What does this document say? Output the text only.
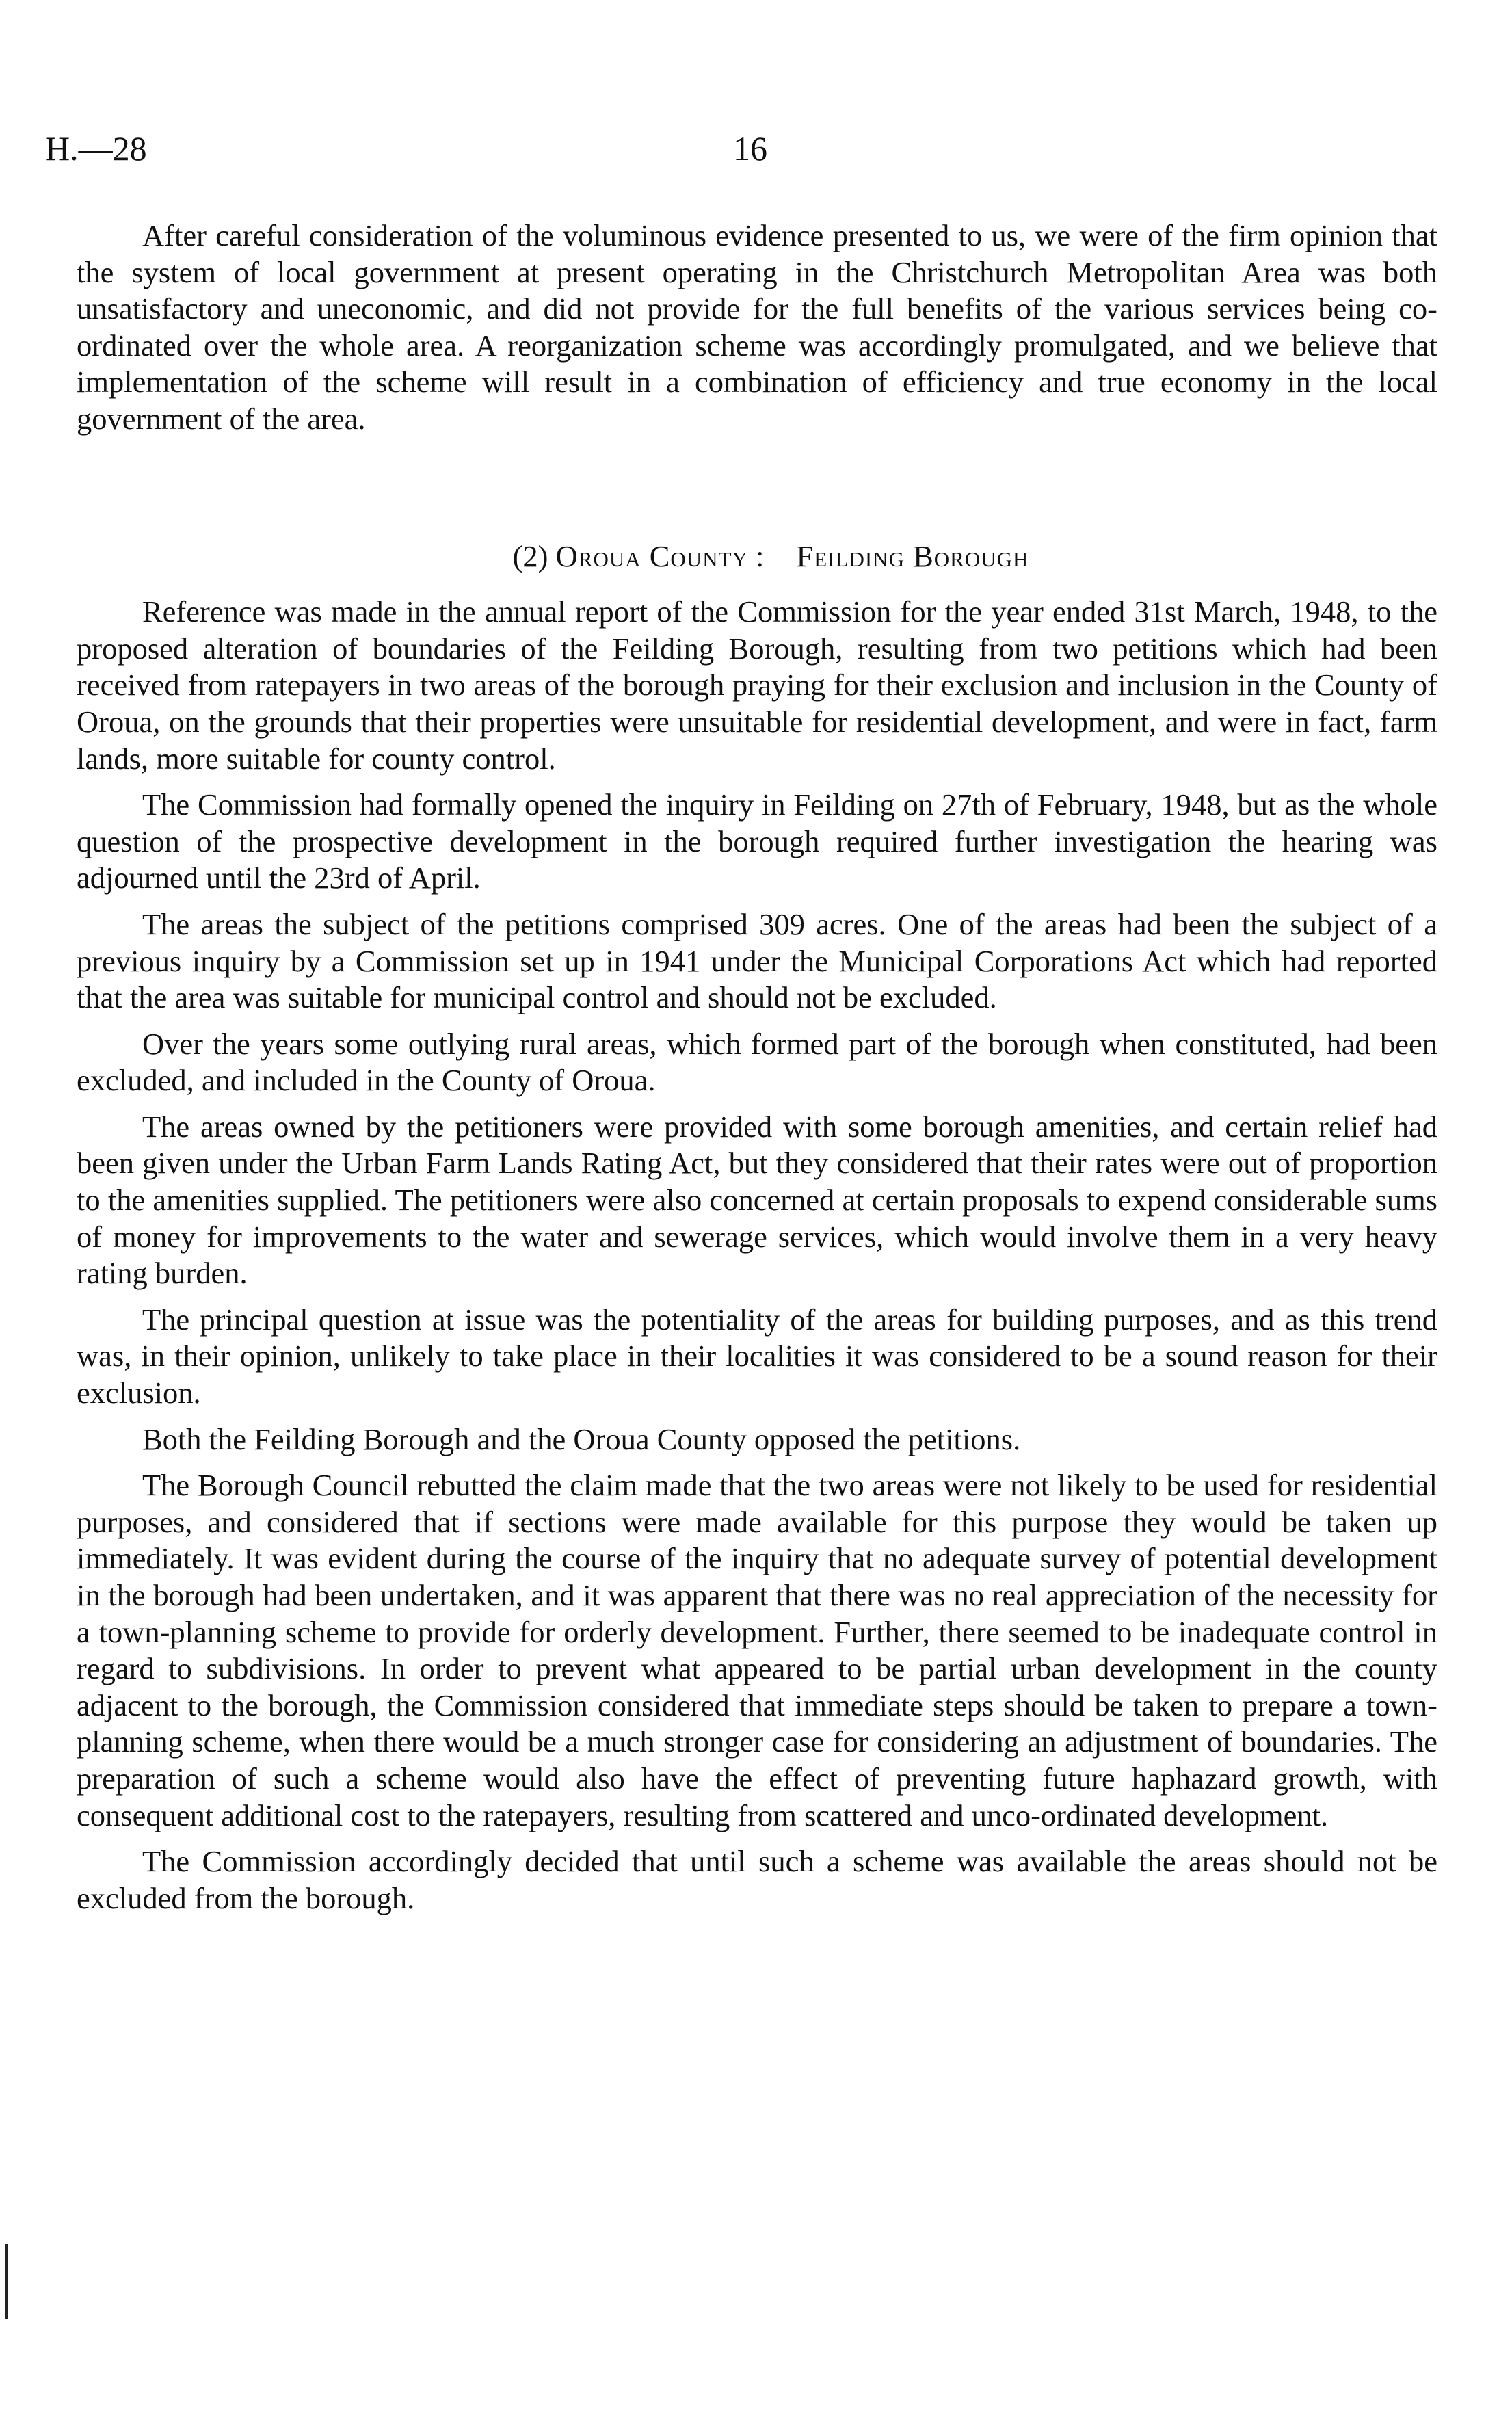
H.—28	16

After careful consideration of the voluminous evidence presented to us, we were of the firm opinion that the system of local government at present operating in the Christchurch Metropolitan Area was both unsatisfactory and uneconomic, and did not provide for the full benefits of the various services being co-ordinated over the whole area. A reorganization scheme was accordingly promulgated, and we believe that implementation of the scheme will result in a combination of efficiency and true economy in the local government of the area.

(2) Oroua County : Feilding Borough

Reference was made in the annual report of the Commission for the year ended 31st March, 1948, to the proposed alteration of boundaries of the Feilding Borough, resulting from two petitions which had been received from ratepayers in two areas of the borough praying for their exclusion and inclusion in the County of Oroua, on the grounds that their properties were unsuitable for residential development, and were in fact, farm lands, more suitable for county control.

The Commission had formally opened the inquiry in Feilding on 27th of February, 1948, but as the whole question of the prospective development in the borough required further investigation the hearing was adjourned until the 23rd of April.

The areas the subject of the petitions comprised 309 acres. One of the areas had been the subject of a previous inquiry by a Commission set up in 1941 under the Municipal Corporations Act which had reported that the area was suitable for municipal control and should not be excluded.

Over the years some outlying rural areas, which formed part of the borough when constituted, had been excluded, and included in the County of Oroua.

The areas owned by the petitioners were provided with some borough amenities, and certain relief had been given under the Urban Farm Lands Rating Act, but they considered that their rates were out of proportion to the amenities supplied. The petitioners were also concerned at certain proposals to expend considerable sums of money for improvements to the water and sewerage services, which would involve them in a very heavy rating burden.

The principal question at issue was the potentiality of the areas for building purposes, and as this trend was, in their opinion, unlikely to take place in their localities it was considered to be a sound reason for their exclusion.

Both the Feilding Borough and the Oroua County opposed the petitions.

The Borough Council rebutted the claim made that the two areas were not likely to be used for residential purposes, and considered that if sections were made available for this purpose they would be taken up immediately. It was evident during the course of the inquiry that no adequate survey of potential development in the borough had been undertaken, and it was apparent that there was no real appreciation of the necessity for a town-planning scheme to provide for orderly development. Further, there seemed to be inadequate control in regard to subdivisions. In order to prevent what appeared to be partial urban development in the county adjacent to the borough, the Commission considered that immediate steps should be taken to prepare a town-planning scheme, when there would be a much stronger case for considering an adjustment of boundaries. The preparation of such a scheme would also have the effect of preventing future haphazard growth, with consequent additional cost to the ratepayers, resulting from scattered and unco-ordinated development.

The Commission accordingly decided that until such a scheme was available the areas should not be excluded from the borough.
